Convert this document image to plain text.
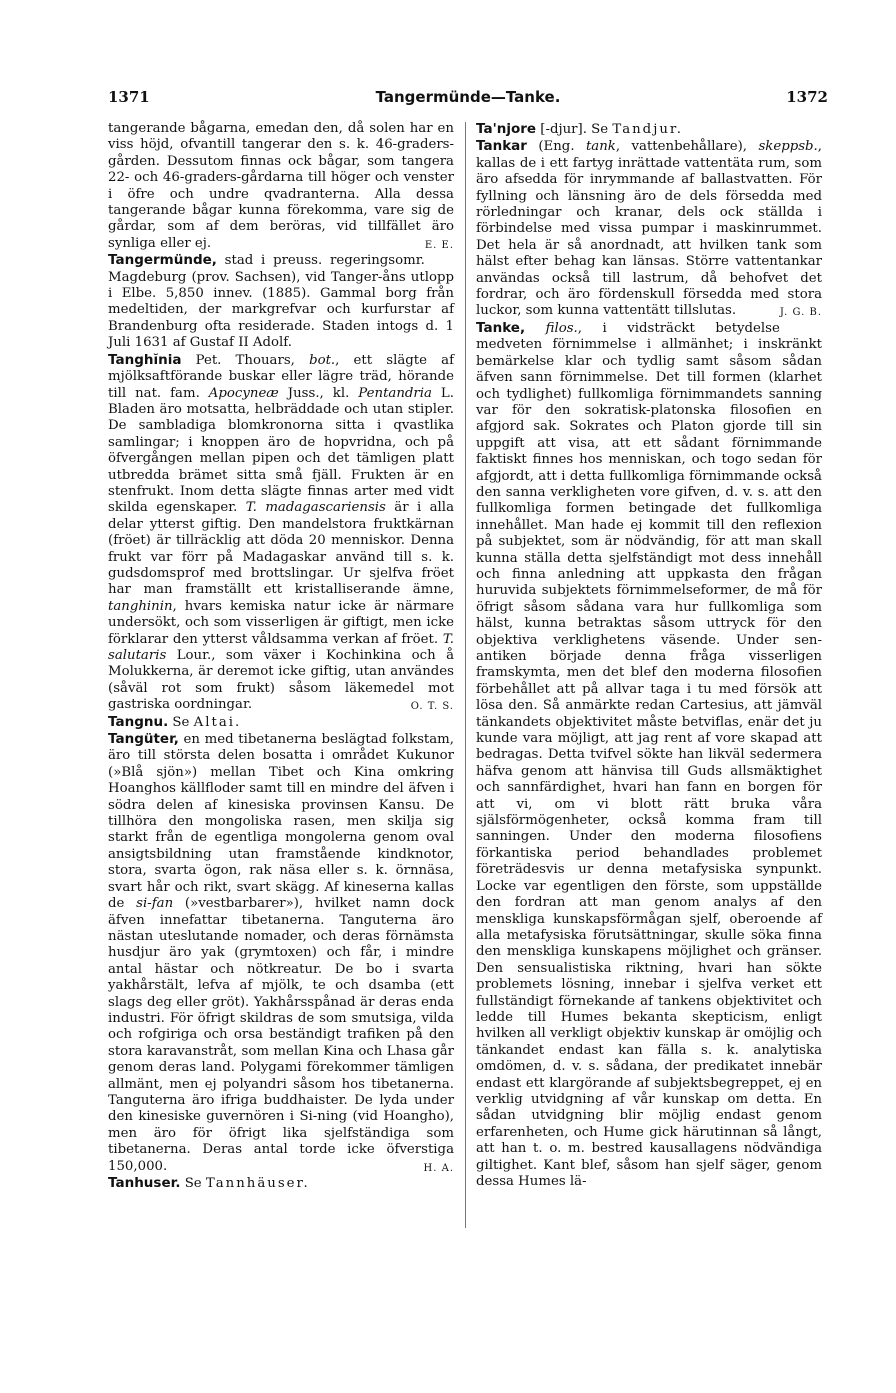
1371	Tangermünde—Tanke.	1372

tangerande bågarna, emedan den, då solen har en viss höjd, ofvantill tangerar den s. k. 46-graders-gården. Dessutom finnas ock bågar, som tangera 22- och 46-graders-gårdarna till höger och venster i öfre och undre qvadranterna. Alla dessa tangerande bågar kunna förekomma, vare sig de gårdar, som af dem beröras, vid tillfället äro synliga eller ej.	E. E.

Tangermünde, stad i preuss. regeringsomr. Magdeburg (prov. Sachsen), vid Tanger-åns utlopp i Elbe. 5,850 innev. (1885). Gammal borg från medeltiden, der markgrefvar och kurfurstar af Brandenburg ofta residerade. Staden intogs d. 1 Juli 1631 af Gustaf II Adolf.

Tanghĭnia Pet. Thouars, bot., ett slägte af mjölksaftförande buskar eller lägre träd, hörande till nat. fam. Apocyneæ Juss., kl. Pentandria L. Bladen äro motsatta, helbräddade och utan stipler. De sambladiga blomkronorna sitta i qvastlika samlingar; i knoppen äro de hopvridna, och på öfvergången mellan pipen och det tämligen platt utbredda brämet sitta små fjäll. Frukten är en stenfrukt. Inom detta slägte finnas arter med vidt skilda egenskaper. T. madagascariensis är i alla delar ytterst giftig. Den mandelstora fruktkärnan (fröet) är tillräcklig att döda 20 menniskor. Denna frukt var förr på Madagaskar använd till s. k. gudsdomsprof med brottslingar. Ur sjelfva fröet har man framställt ett kristalliserande ämne, tanghinin, hvars kemiska natur icke är närmare undersökt, och som visserligen är giftigt, men icke förklarar den ytterst våldsamma verkan af fröet. T. salutaris Lour., som växer i Kochinkina och å Molukkerna, är deremot icke giftig, utan användes (såväl rot som frukt) såsom läkemedel mot gastriska oordningar.	O. T. S.

Tangnu. Se Altai.

Tangüter, en med tibetanerna beslägtad folkstam, äro till största delen bosatta i området Kukunor (»Blå sjön») mellan Tibet och Kina omkring Hoanghos källfloder samt till en mindre del äfven i södra delen af kinesiska provinsen Kansu. De tillhöra den mongoliska rasen, men skilja sig starkt från de egentliga mongolerna genom oval ansigtsbildning utan framstående kindknotor, stora, svarta ögon, rak näsa eller s. k. örnnäsa, svart hår och rikt, svart skägg. Af kineserna kallas de si-fan (»vestbarbarer»), hvilket namn dock äfven innefattar tibetanerna. Tanguterna äro nästan uteslutande nomader, och deras förnämsta husdjur äro yak (grymtoxen) och får, i mindre antal hästar och nötkreatur. De bo i svarta yakhårstält, lefva af mjölk, te och dsamba (ett slags deg eller gröt). Yakhårsspånad är deras enda industri. För öfrigt skildras de som smutsiga, vilda och rofgiriga och orsa beständigt trafiken på den stora karavanstråt, som mellan Kina och Lhasa går genom deras land. Polygami förekommer tämligen allmänt, men ej polyandri såsom hos tibetanerna. Tanguterna äro ifriga buddhaister. De lyda under den kinesiske guvernören i Si-ning (vid Hoangho), men äro för öfrigt lika sjelfständiga som tibetanerna. Deras antal torde icke öfverstiga 150,000.	H. A.

Tanhuser. Se Tannhäuser.

Ta'njore [-djur]. Se Tandjur.

Tankar (Eng. tank, vattenbehållare), skeppsb., kallas de i ett fartyg inrättade vattentäta rum, som äro afsedda för inrymmande af ballastvatten. För fyllning och länsning äro de dels försedda med rörledningar och kranar, dels ock ställda i förbindelse med vissa pumpar i maskinrummet. Det hela är så anordnadt, att hvilken tank som hälst efter behag kan länsas. Större vattentankar användas också till lastrum, då behofvet det fordrar, och äro fördenskull försedda med stora luckor, som kunna vattentätt tillslutas.	J. G. B.

Tanke, filos., i vidsträckt betydelse medveten förnimmelse i allmänhet; i inskränkt bemärkelse klar och tydlig samt såsom sådan äfven sann förnimmelse. Det till formen (klarhet och tydlighet) fullkomliga förnimmandets sanning var för den sokratisk-platonska filosofien en afgjord sak. Sokrates och Platon gjorde till sin uppgift att visa, att ett sådant förnimmande faktiskt finnes hos menniskan, och togo sedan för afgjordt, att i detta fullkomliga förnimmande också den sanna verkligheten vore gifven, d. v. s. att den fullkomliga formen betingade det fullkomliga innehållet. Man hade ej kommit till den reflexion på subjektet, som är nödvändig, för att man skall kunna ställa detta sjelfständigt mot dess innehåll och finna anledning att uppkasta den frågan huruvida subjektets förnimmelseformer, de må för öfrigt såsom sådana vara hur fullkomliga som hälst, kunna betraktas såsom uttryck för den objektiva verklighetens väsende. Under sen-antiken började denna fråga visserligen framskymta, men det blef den moderna filosofien förbehållet att på allvar taga i tu med försök att lösa den. Så anmärkte redan Cartesius, att jämväl tänkandets objektivitet måste betviflas, enär det ju kunde vara möjligt, att jag rent af vore skapad att bedragas. Detta tvifvel sökte han likväl sedermera häfva genom att hänvisa till Guds allsmäktighet och sannfärdighet, hvari han fann en borgen för att vi, om vi blott rätt bruka våra själsförmögenheter, också komma fram till sanningen. Under den moderna filosofiens förkantiska period behandlades problemet företrädesvis ur denna metafysiska synpunkt. Locke var egentligen den förste, som uppställde den fordran att man genom analys af den menskliga kunskapsförmågan sjelf, oberoende af alla metafysiska förutsättningar, skulle söka finna den menskliga kunskapens möjlighet och gränser. Den sensualistiska riktning, hvari han sökte problemets lösning, innebar i sjelfva verket ett fullständigt förnekande af tankens objektivitet och ledde till Humes bekanta skepticism, enligt hvilken all verkligt objektiv kunskap är omöjlig och tänkandet endast kan fälla s. k. analytiska omdömen, d. v. s. sådana, der predikatet innebär endast ett klargörande af subjektsbegreppet, ej en verklig utvidgning af vår kunskap om detta. En sådan utvidgning blir möjlig endast genom erfarenheten, och Hume gick härutinnan så långt, att han t. o. m. bestred kausallagens nödvändiga giltighet. Kant blef, såsom han sjelf säger, genom dessa Humes lä-
